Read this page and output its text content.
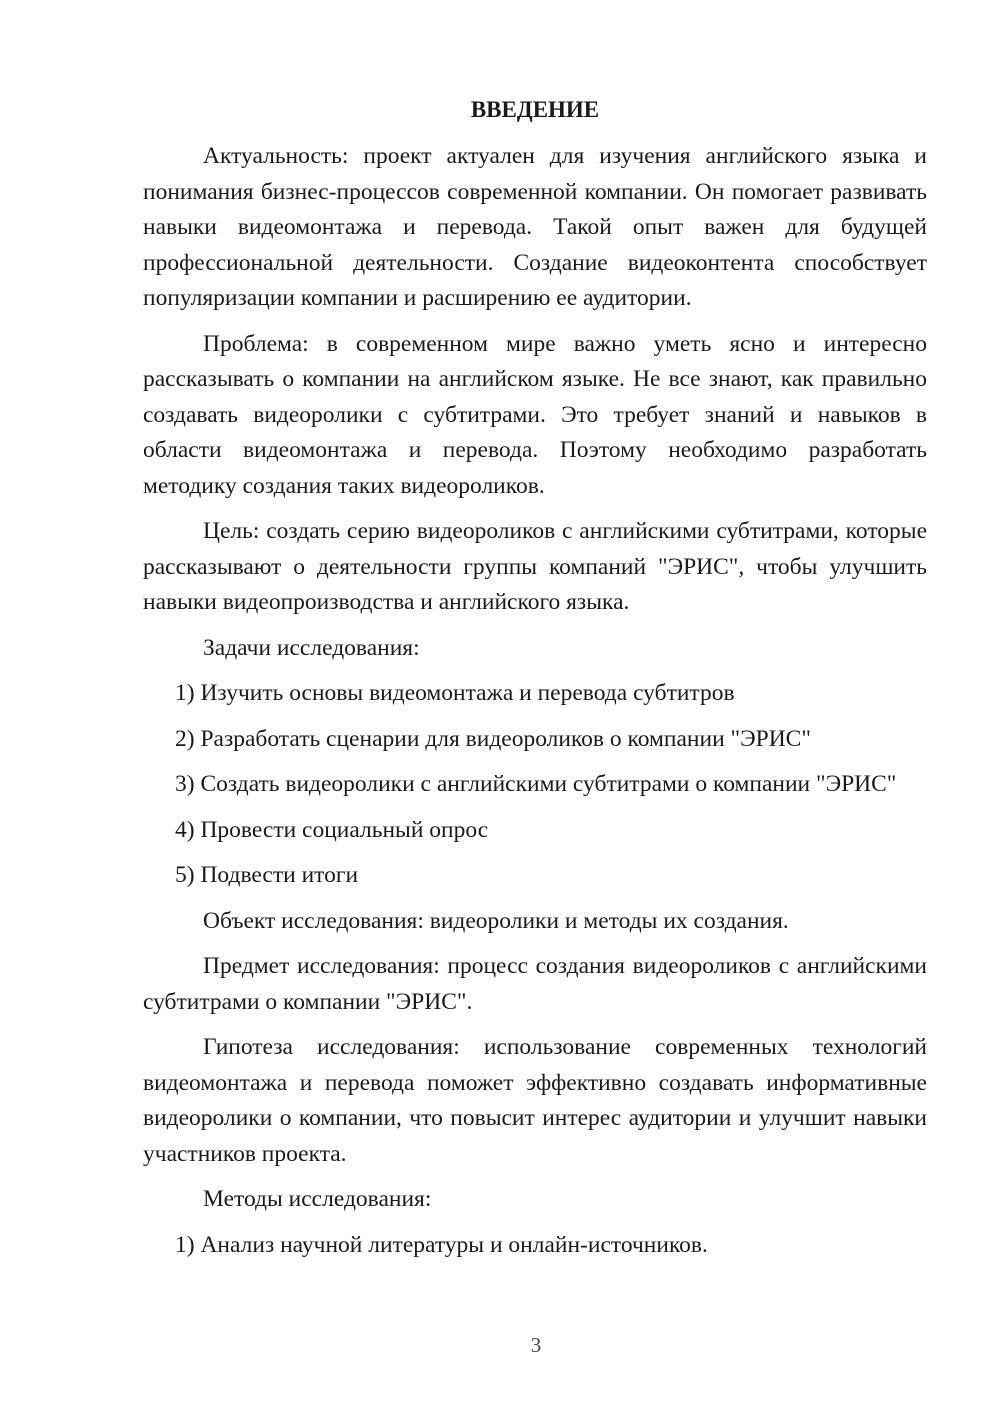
ВВЕДЕНИЕ

Актуальность: проект актуален для изучения английского языка и понимания бизнес-процессов современной компании. Он помогает развивать навыки видеомонтажа и перевода. Такой опыт важен для будущей профессиональной деятельности. Создание видеоконтента способствует популяризации компании и расширению ее аудитории.

Проблема: в современном мире важно уметь ясно и интересно рассказывать о компании на английском языке. Не все знают, как правильно создавать видеоролики с субтитрами. Это требует знаний и навыков в области видеомонтажа и перевода. Поэтому необходимо разработать методику создания таких видеороликов.

Цель: создать серию видеороликов с английскими субтитрами, которые рассказывают о деятельности группы компаний "ЭРИС", чтобы улучшить навыки видеопроизводства и английского языка.

Задачи исследования:

1) Изучить основы видеомонтажа и перевода субтитров

2) Разработать сценарии для видеороликов о компании "ЭРИС"

3) Создать видеоролики с английскими субтитрами о компании "ЭРИС"

4) Провести социальный опрос

5) Подвести итоги

Объект исследования: видеоролики и методы их создания.

Предмет исследования: процесс создания видеороликов с английскими субтитрами о компании "ЭРИС".

Гипотеза исследования: использование современных технологий видеомонтажа и перевода поможет эффективно создавать информативные видеоролики о компании, что повысит интерес аудитории и улучшит навыки участников проекта.

Методы исследования:

1) Анализ научной литературы и онлайн-источников.

3
